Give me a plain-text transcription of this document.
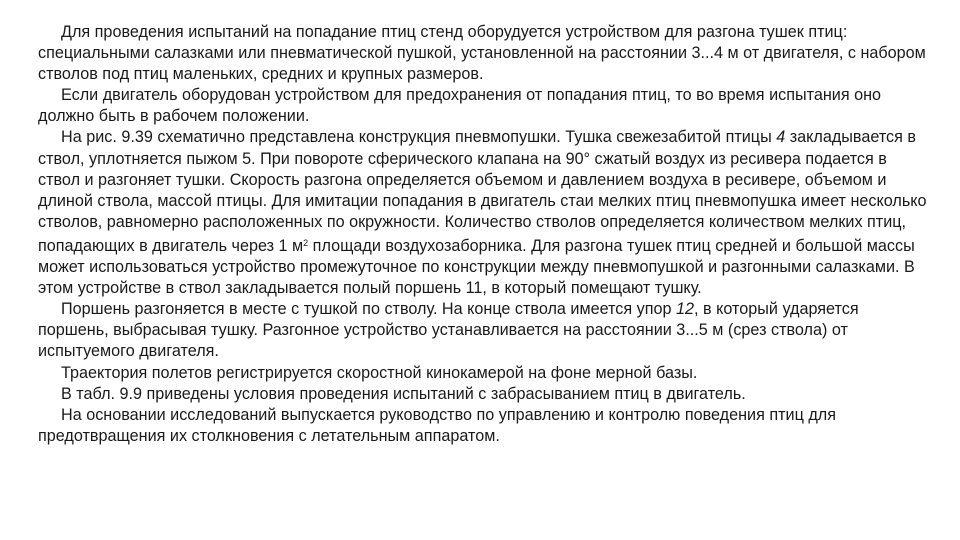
Для проведения испытаний на попадание птиц стенд оборудуется устройством для разгона тушек птиц: специальными салазками или пневматической пушкой, установленной на расстоянии 3...4 м от двигателя, с набором стволов под птиц маленьких, средних и крупных размеров.

Если двигатель оборудован устройством для предохранения от попадания птиц, то во время испытания оно должно быть в рабочем положении.

На рис. 9.39 схематично представлена конструкция пневмопушки. Тушка свежезабитой птицы 4 закладывается в ствол, уплотняется пыжом 5. При повороте сферического клапана на 90° сжатый воздух из ресивера подается в ствол и разгоняет тушки. Скорость разгона определяется объемом и давлением воздуха в ресивере, объемом и длиной ствола, массой птицы. Для имитации попадания в двигатель стаи мелких птиц пневмопушка имеет несколько стволов, равномерно расположенных по окружности. Количество стволов определяется количеством мелких птиц, попадающих в двигатель через 1 $м^2$ площади воздухозаборника. Для разгона тушек птиц средней и большой массы может использоваться устройство промежуточное по конструкции между пневмопушкой и разгонными салазками. В этом устройстве в ствол закладывается полый поршень 11, в который помещают тушку.

Поршень разгоняется в месте с тушкой по стволу. На конце ствола имеется упор 12, в который ударяется поршень, выбрасывая тушку. Разгонное устройство устанавливается на расстоянии 3...5 м (срез ствола) от испытуемого двигателя.

Траектория полетов регистрируется скоростной кинокамерой на фоне мерной базы.

В табл. 9.9 приведены условия проведения испытаний с забрасыванием птиц в двигатель.

На основании исследований выпускается руководство по управлению и контролю поведения птиц для предотвращения их столкновения с летательным аппаратом.
